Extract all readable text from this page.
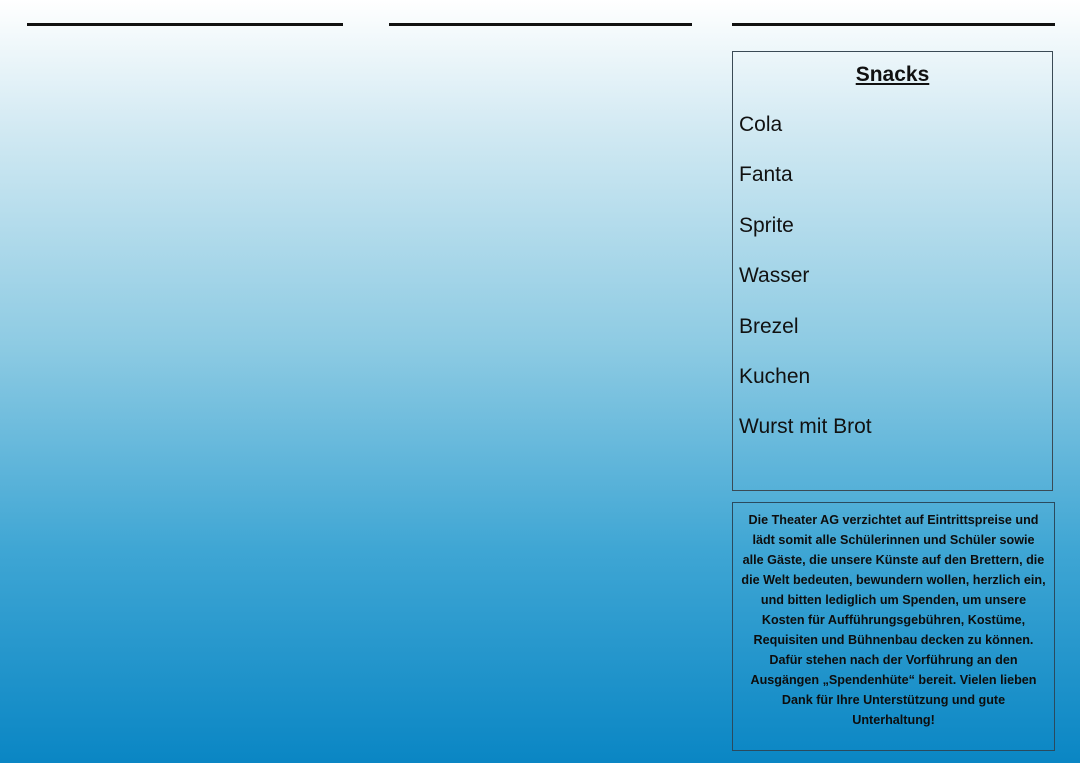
Snacks
Cola
Fanta
Sprite
Wasser
Brezel
Kuchen
Wurst mit Brot

Die Theater AG verzichtet auf Eintrittspreise und lädt somit alle Schülerinnen und Schüler sowie alle Gäste, die unsere Künste auf den Brettern, die die Welt bedeuten, bewundern wollen, herzlich ein, und bitten lediglich um Spenden, um unsere Kosten für Aufführungsgebühren, Kostüme, Requisiten und Bühnenbau decken zu können. Dafür stehen nach der Vorführung an den Ausgängen „Spendenhüte“ bereit. Vielen lieben Dank für Ihre Unterstützung und gute Unterhaltung!
